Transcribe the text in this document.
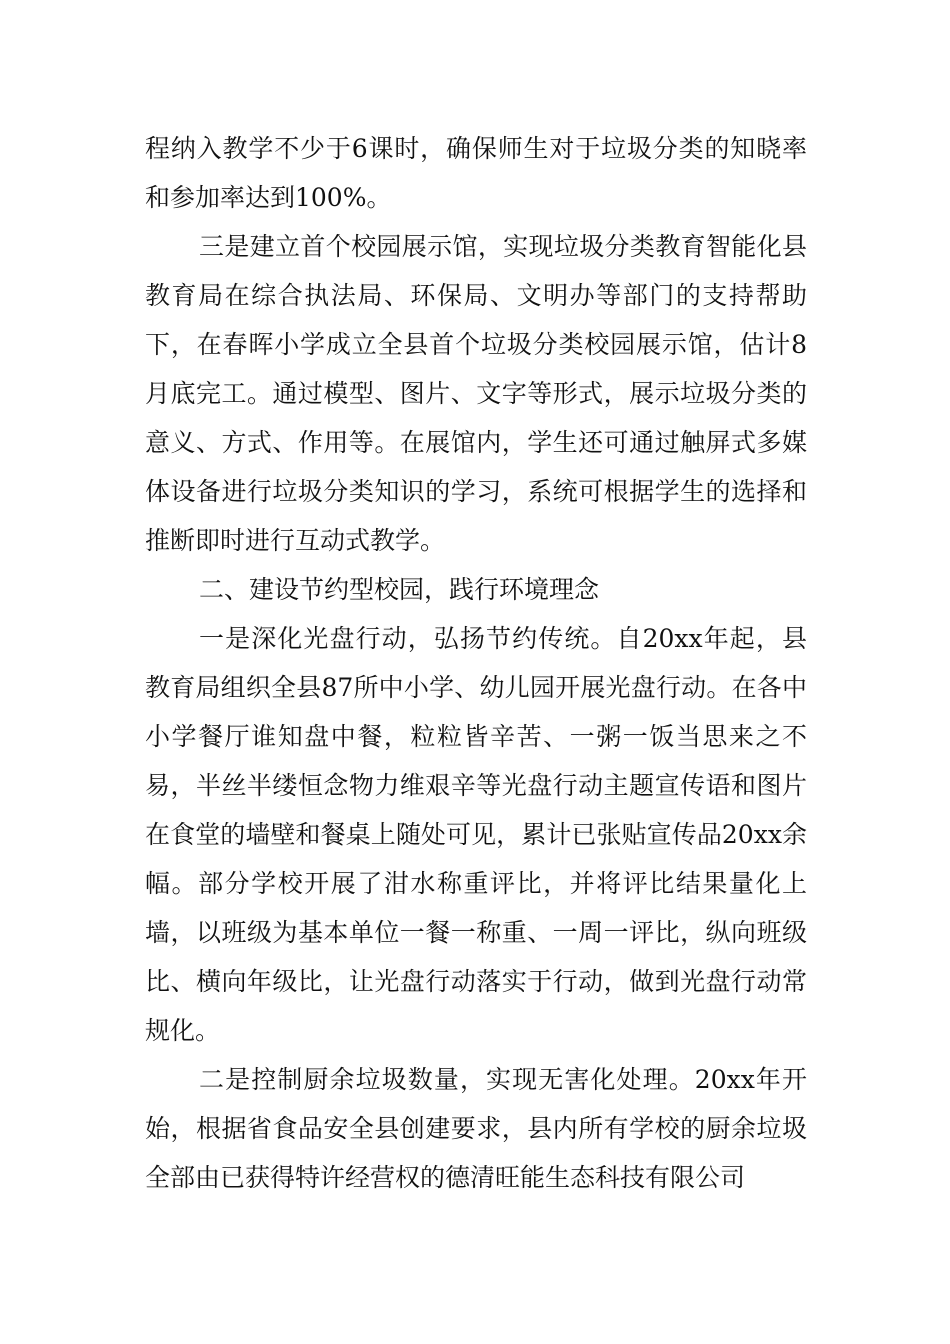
程纳入教学不少于6课时，确保师生对于垃圾分类的知晓率和参加率达到100%。

三是建立首个校园展示馆，实现垃圾分类教育智能化县教育局在综合执法局、环保局、文明办等部门的支持帮助下，在春晖小学成立全县首个垃圾分类校园展示馆，估计8月底完工。通过模型、图片、文字等形式，展示垃圾分类的意义、方式、作用等。在展馆内，学生还可通过触屏式多媒体设备进行垃圾分类知识的学习，系统可根据学生的选择和推断即时进行互动式教学。

二、建设节约型校园，践行环境理念

一是深化光盘行动，弘扬节约传统。自20xx年起，县教育局组织全县87所中小学、幼儿园开展光盘行动。在各中小学餐厅谁知盘中餐，粒粒皆辛苦、一粥一饭当思来之不易，半丝半缕恒念物力维艰辛等光盘行动主题宣传语和图片在食堂的墙壁和餐桌上随处可见，累计已张贴宣传品20xx余幅。部分学校开展了泔水称重评比，并将评比结果量化上墙，以班级为基本单位一餐一称重、一周一评比，纵向班级比、横向年级比，让光盘行动落实于行动，做到光盘行动常规化。

二是控制厨余垃圾数量，实现无害化处理。20xx年开始，根据省食品安全县创建要求，县内所有学校的厨余垃圾全部由已获得特许经营权的德清旺能生态科技有限公司
